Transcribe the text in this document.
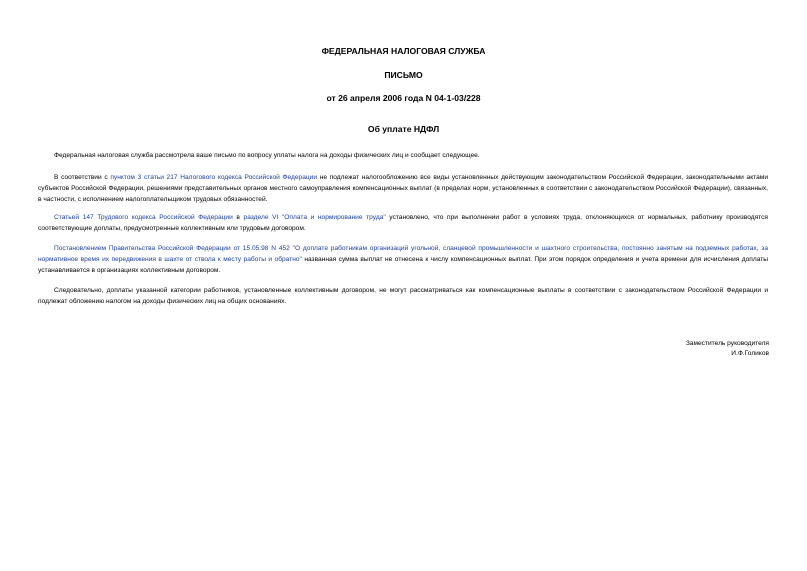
ФЕДЕРАЛЬНАЯ НАЛОГОВАЯ СЛУЖБА
ПИСЬМО
от 26 апреля 2006 года N 04-1-03/228
Об уплате НДФЛ
Федеральная налоговая служба рассмотрела ваше письмо по вопросу уплаты налога на доходы физических лиц и сообщает следующее.
В соответствии с пунктом 3 статьи 217 Налогового кодекса Российской Федерации не подлежат налогообложению все виды установленных действующим законодательством Российской Федерации, законодательными актами субъектов Российской Федерации, решениями представительных органов местного самоуправления компенсационных выплат (в пределах норм, установленных в соответствии с законодательством Российской Федерации), связанных, в частности, с исполнением налогоплательщиком трудовых обязанностей.
Статьей 147 Трудового кодекса Российской Федерации в разделе VI "Оплата и нормирование труда" установлено, что при выполнении работ в условиях труда, отклоняющихся от нормальных, работнику производятся соответствующие доплаты, предусмотренные коллективным или трудовым договором.
Постановлением Правительства Российской Федерации от 15.05.98 N 452 "О доплате работникам организаций угольной, сланцевой промышленности и шахтного строительства, постоянно занятым на подземных работах, за нормативное время их передвижения в шахте от ствола к месту работы и обратно" названная сумма выплат не отнесена к числу компенсационных выплат. При этом порядок определения и учета времени для исчисления доплаты устанавливается в организациях коллективным договором.
Следовательно, доплаты указанной категории работников, установленные коллективным договором, не могут рассматриваться как компенсационные выплаты в соответствии с законодательством Российской Федерации и подлежат обложению налогом на доходы физических лиц на общих основаниях.
Заместитель руководителя
И.Ф.Голиков
